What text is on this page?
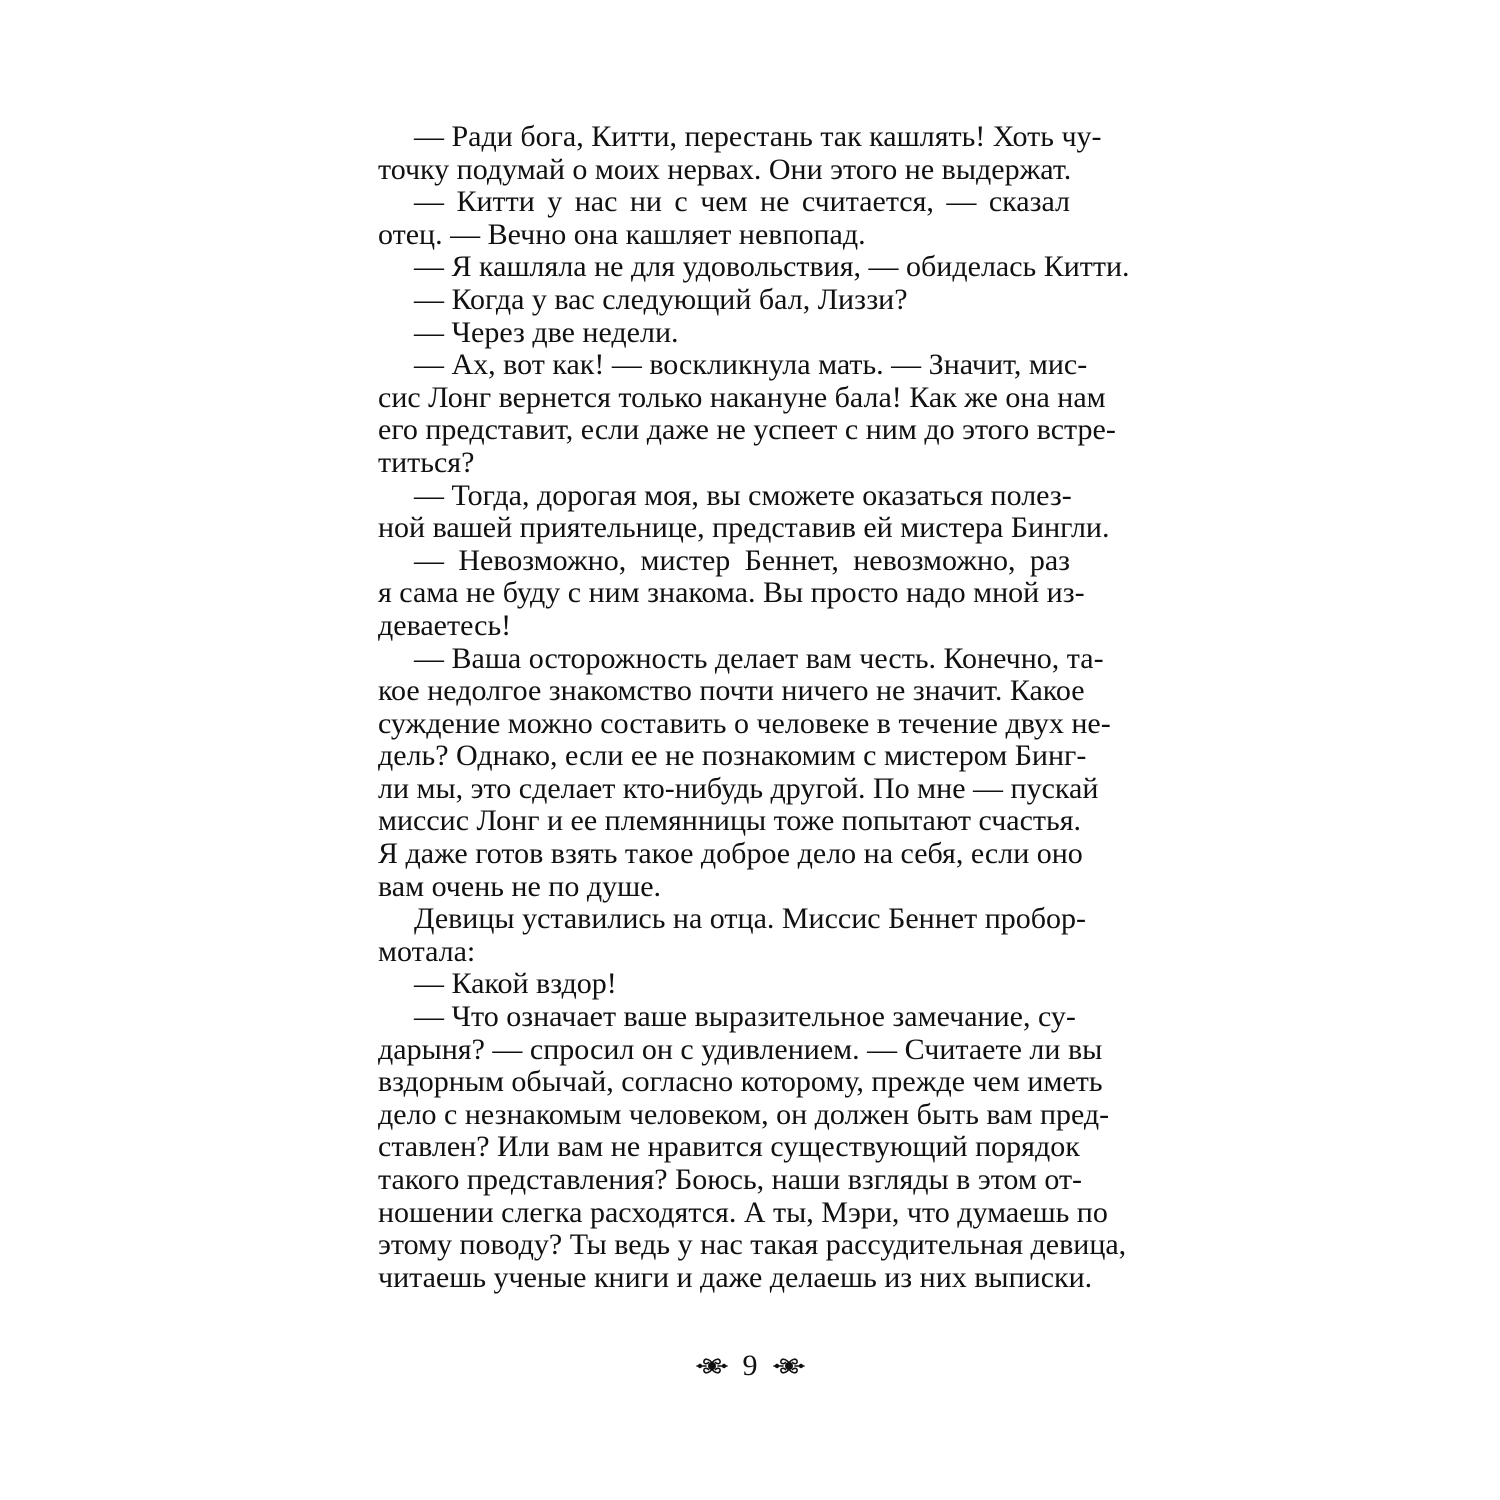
— Ради бога, Китти, перестань так кашлять! Хоть чу-
точку подумай о моих нервах. Они этого не выдержат.
— Китти у нас ни с чем не считается, — сказал
отец. — Вечно она кашляет невпопад.
— Я кашляла не для удовольствия, — обиделась Китти.
— Когда у вас следующий бал, Лиззи?
— Через две недели.
— Ах, вот как! — воскликнула мать. — Значит, мис-
сис Лонг вернется только накануне бала! Как же она нам
его представит, если даже не успеет с ним до этого встре-
титься?
— Тогда, дорогая моя, вы сможете оказаться полез-
ной вашей приятельнице, представив ей мистера Бингли.
— Невозможно, мистер Беннет, невозможно, раз
я сама не буду с ним знакома. Вы просто надо мной из-
деваетесь!
— Ваша осторожность делает вам честь. Конечно, та-
кое недолгое знакомство почти ничего не значит. Какое
суждение можно составить о человеке в течение двух не-
дель? Однако, если ее не познакомим с мистером Бинг-
ли мы, это сделает кто-нибудь другой. По мне — пускай
миссис Лонг и ее племянницы тоже попытают счастья.
Я даже готов взять такое доброе дело на себя, если оно
вам очень не по душе.
Девицы уставились на отца. Миссис Беннет пробор-
мотала:
— Какой вздор!
— Что означает ваше выразительное замечание, су-
дарыня? — спросил он с удивлением. — Считаете ли вы
вздорным обычай, согласно которому, прежде чем иметь
дело с незнакомым человеком, он должен быть вам пред-
ставлен? Или вам не нравится существующий порядок
такого представления? Боюсь, наши взгляды в этом от-
ношении слегка расходятся. А ты, Мэри, что думаешь по
этому поводу? Ты ведь у нас такая рассудительная девица,
читаешь ученые книги и даже делаешь из них выписки.
9
